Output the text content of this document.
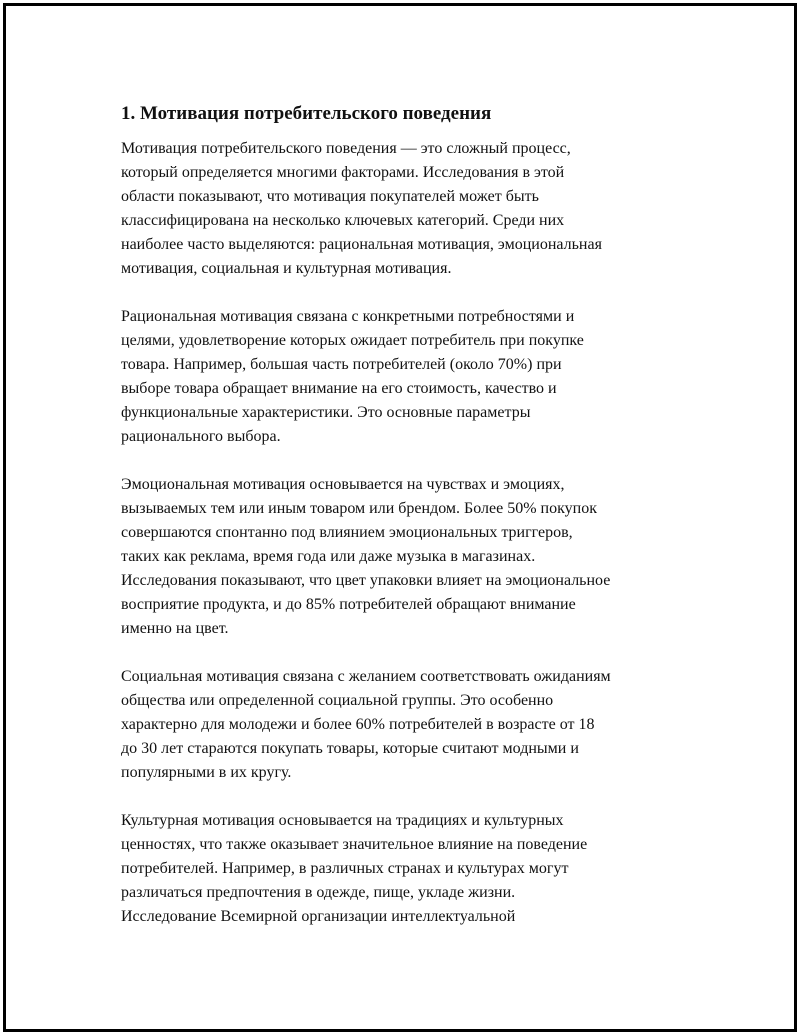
1. Мотивация потребительского поведения

Мотивация потребительского поведения — это сложный процесс,
который определяется многими факторами. Исследования в этой
области показывают, что мотивация покупателей может быть
классифицирована на несколько ключевых категорий. Среди них
наиболее часто выделяются: рациональная мотивация, эмоциональная
мотивация, социальная и культурная мотивация.

Рациональная мотивация связана с конкретными потребностями и
целями, удовлетворение которых ожидает потребитель при покупке
товара. Например, большая часть потребителей (около 70%) при
выборе товара обращает внимание на его стоимость, качество и
функциональные характеристики. Это основные параметры
рационального выбора.

Эмоциональная мотивация основывается на чувствах и эмоциях,
вызываемых тем или иным товаром или брендом. Более 50% покупок
совершаются спонтанно под влиянием эмоциональных триггеров,
таких как реклама, время года или даже музыка в магазинах.
Исследования показывают, что цвет упаковки влияет на эмоциональное
восприятие продукта, и до 85% потребителей обращают внимание
именно на цвет.

Социальная мотивация связана с желанием соответствовать ожиданиям
общества или определенной социальной группы. Это особенно
характерно для молодежи и более 60% потребителей в возрасте от 18
до 30 лет стараются покупать товары, которые считают модными и
популярными в их кругу.

Культурная мотивация основывается на традициях и культурных
ценностях, что также оказывает значительное влияние на поведение
потребителей. Например, в различных странах и культурах могут
различаться предпочтения в одежде, пище, укладе жизни.
Исследование Всемирной организации интеллектуальной
